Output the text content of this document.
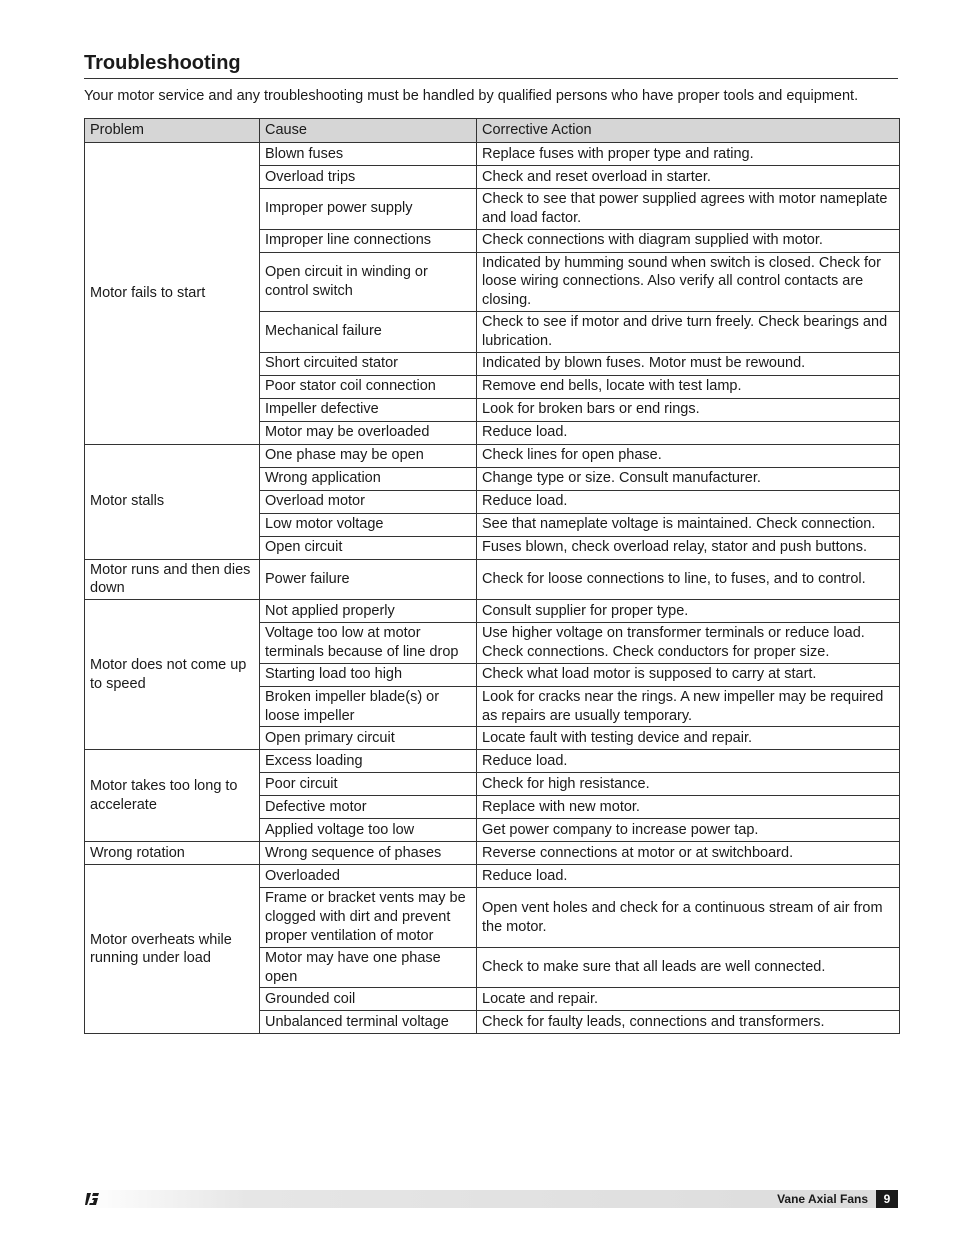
Troubleshooting

Your motor service and any troubleshooting must be handled by qualified persons who have proper tools and equipment.

Problem	Cause	Corrective Action
Motor fails to start	Blown fuses	Replace fuses with proper type and rating.
	Overload trips	Check and reset overload in starter.
	Improper power supply	Check to see that power supplied agrees with motor nameplate and load factor.
	Improper line connections	Check connections with diagram supplied with motor.
	Open circuit in winding or control switch	Indicated by humming sound when switch is closed. Check for loose wiring connections. Also verify all control contacts are closing.
	Mechanical failure	Check to see if motor and drive turn freely. Check bearings and lubrication.
	Short circuited stator	Indicated by blown fuses. Motor must be rewound.
	Poor stator coil connection	Remove end bells, locate with test lamp.
	Impeller defective	Look for broken bars or end rings.
	Motor may be overloaded	Reduce load.
Motor stalls	One phase may be open	Check lines for open phase.
	Wrong application	Change type or size. Consult manufacturer.
	Overload motor	Reduce load.
	Low motor voltage	See that nameplate voltage is maintained. Check connection.
	Open circuit	Fuses blown, check overload relay, stator and push buttons.
Motor runs and then dies down	Power failure	Check for loose connections to line, to fuses, and to control.
Motor does not come up to speed	Not applied properly	Consult supplier for proper type.
	Voltage too low at motor terminals because of line drop	Use higher voltage on transformer terminals or reduce load. Check connections. Check conductors for proper size.
	Starting load too high	Check what load motor is supposed to carry at start.
	Broken impeller blade(s) or loose impeller	Look for cracks near the rings. A new impeller may be required as repairs are usually temporary.
	Open primary circuit	Locate fault with testing device and repair.
Motor takes too long to accelerate	Excess loading	Reduce load.
	Poor circuit	Check for high resistance.
	Defective motor	Replace with new motor.
	Applied voltage too low	Get power company to increase power tap.
Wrong rotation	Wrong sequence of phases	Reverse connections at motor or at switchboard.
Motor overheats while running under load	Overloaded	Reduce load.
	Frame or bracket vents may be clogged with dirt and prevent proper ventilation of motor	Open vent holes and check for a continuous stream of air from the motor.
	Motor may have one phase open	Check to make sure that all leads are well connected.
	Grounded coil	Locate and repair.
	Unbalanced terminal voltage	Check for faulty leads, connections and transformers.
Vane Axial Fans	9
